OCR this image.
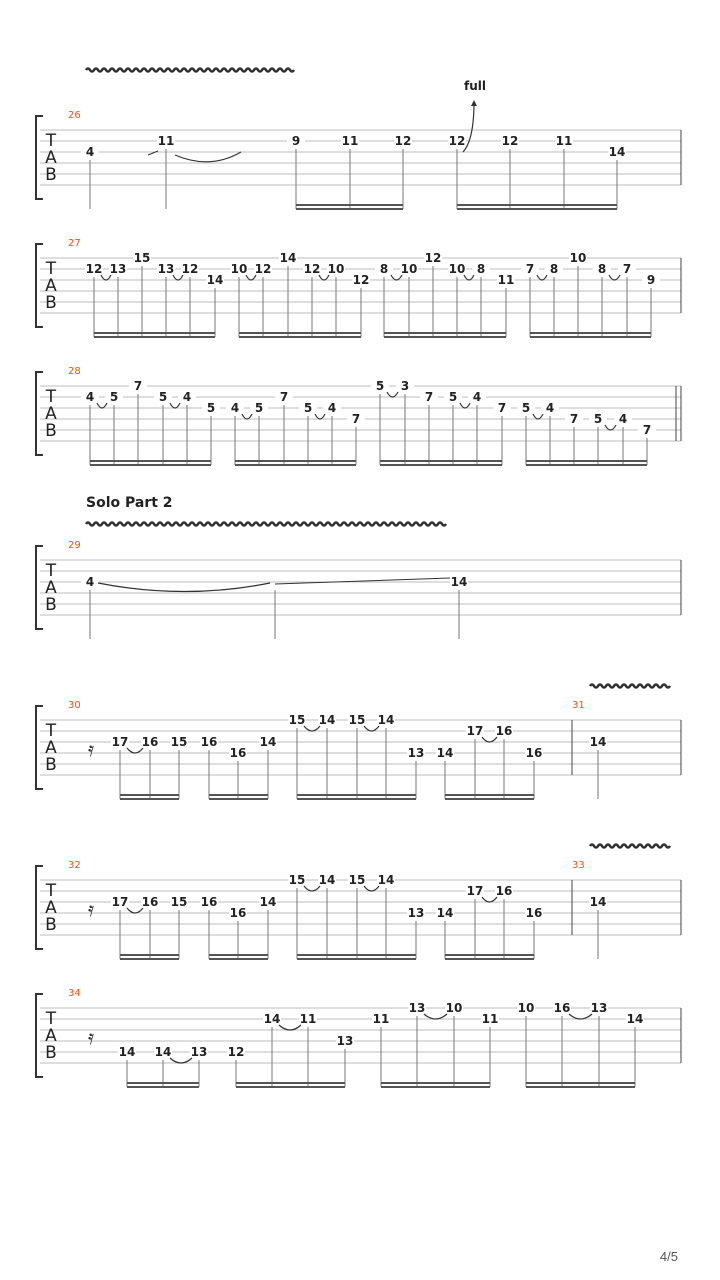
T
A
B
26
4
11	9	11	12	12	12	11
14
T
A
B
27
12 13
15
13 12
14
10 12
14
12 10
12
8 10
12
10 8
11
7 8
10
8 7
9
T
A
B
28
4 5
7
5 4
5 4 5
7
5 4
7
5 3
7 5 4
7 5 4
7 5 4
7
T
A
B
29
4	14
T
A
B
30	31
17 16 15 16
16
14
15 14 15 14
13 14
17 16
16
14
𝄿
T
A
B
32	33
17 16 15 16
16
14
15 14 15 14
13 14
17 16
16
14
𝄿
T
A
B
34
14 14 13 12
14 11
13
11
13 10
11
10 16 13
14
𝄿
full
Solo Part 2
4/5
